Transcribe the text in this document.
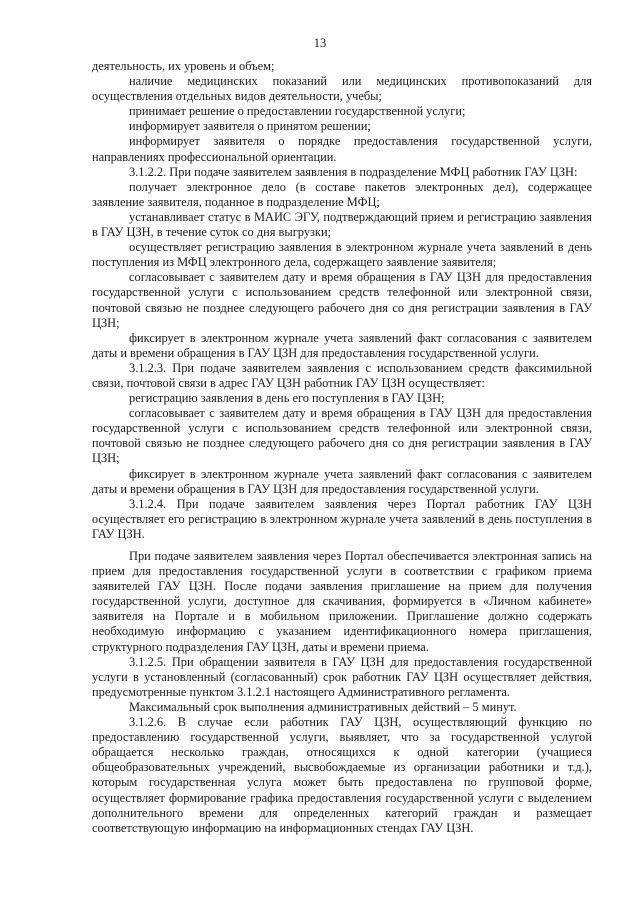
13

деятельность, их уровень и объем;

наличие медицинских показаний или медицинских противопоказаний для осуществления отдельных видов деятельности, учебы;

принимает решение о предоставлении государственной услуги;

информирует заявителя о принятом решении;

информирует заявителя о порядке предоставления государственной услуги, направлениях профессиональной ориентации.

3.1.2.2. При подаче заявителем заявления в подразделение МФЦ работник ГАУ ЦЗН:

получает электронное дело (в составе пакетов электронных дел), содержащее заявление заявителя, поданное в подразделение МФЦ;

устанавливает статус в МАИС ЭГУ, подтверждающий прием и регистрацию заявления в ГАУ ЦЗН, в течение суток со дня выгрузки;

осуществляет регистрацию заявления в электронном журнале учета заявлений в день поступления из МФЦ электронного дела, содержащего заявление заявителя;

согласовывает с заявителем дату и время обращения в ГАУ ЦЗН для предоставления государственной услуги с использованием средств телефонной или электронной связи, почтовой связью не позднее следующего рабочего дня со дня регистрации заявления в ГАУ ЦЗН;

фиксирует в электронном журнале учета заявлений факт согласования с заявителем даты и времени обращения в ГАУ ЦЗН для предоставления государственной услуги.

3.1.2.3. При подаче заявителем заявления с использованием средств факсимильной связи, почтовой связи в адрес ГАУ ЦЗН работник ГАУ ЦЗН осуществляет:

регистрацию заявления в день его поступления в ГАУ ЦЗН;

согласовывает с заявителем дату и время обращения в ГАУ ЦЗН для предоставления государственной услуги с использованием средств телефонной или электронной связи, почтовой связью не позднее следующего рабочего дня со дня регистрации заявления в ГАУ ЦЗН;

фиксирует в электронном журнале учета заявлений факт согласования с заявителем даты и времени обращения в ГАУ ЦЗН для предоставления государственной услуги.

3.1.2.4. При подаче заявителем заявления через Портал работник ГАУ ЦЗН осуществляет его регистрацию в электронном журнале учета заявлений в день поступления в ГАУ ЦЗН.

При подаче заявителем заявления через Портал обеспечивается электронная запись на прием для предоставления государственной услуги в соответствии с графиком приема заявителей ГАУ ЦЗН. После подачи заявления приглашение на прием для получения государственной услуги, доступное для скачивания, формируется в «Личном кабинете» заявителя на Портале и в мобильном приложении. Приглашение должно содержать необходимую информацию с указанием идентификационного номера приглашения, структурного подразделения ГАУ ЦЗН, даты и времени приема.

3.1.2.5. При обращении заявителя в ГАУ ЦЗН для предоставления государственной услуги в установленный (согласованный) срок работник ГАУ ЦЗН осуществляет действия, предусмотренные пунктом 3.1.2.1 настоящего Административного регламента.

Максимальный срок выполнения административных действий – 5 минут.

3.1.2.6. В случае если работник ГАУ ЦЗН, осуществляющий функцию по предоставлению государственной услуги, выявляет, что за государственной услугой обращается несколько граждан, относящихся к одной категории (учащиеся общеобразовательных учреждений, высвобождаемые из организации работники и т.д.), которым государственная услуга может быть предоставлена по групповой форме, осуществляет формирование графика предоставления государственной услуги с выделением дополнительного времени для определенных категорий граждан и размещает соответствующую информацию на информационных стендах ГАУ ЦЗН.
